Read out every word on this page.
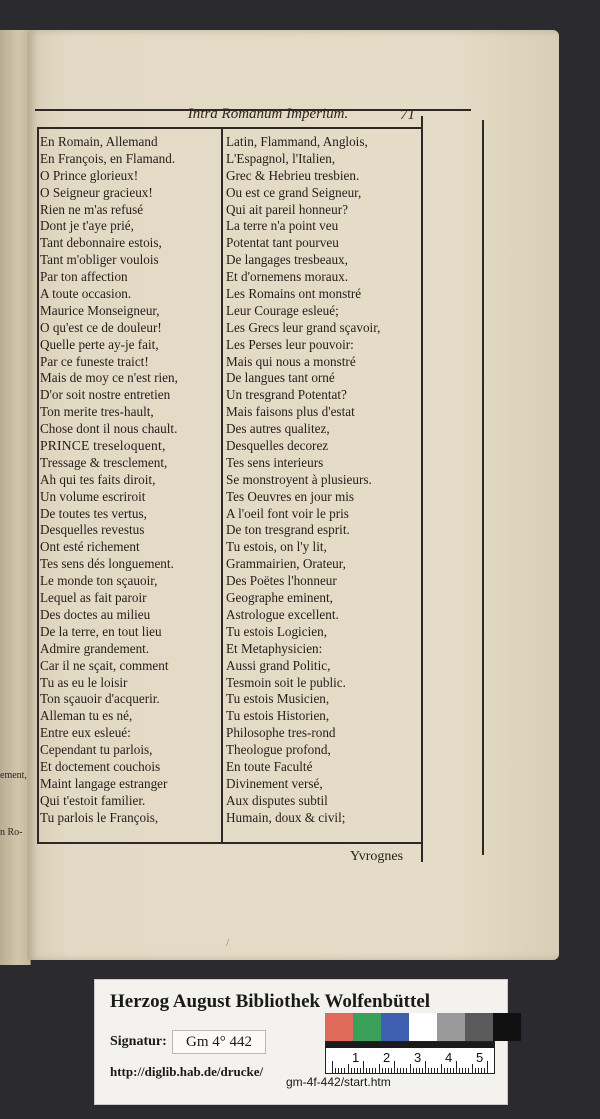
ement,
n Ro-
Intra Romanum Imperium.	71
En Romain, Allemand
En François, en Flamand.
O Prince glorieux!
O Seigneur gracieux!
Rien ne m'as refusé
Dont je t'aye prié,
Tant debonnaire estois,
Tant m'obliger voulois
Par ton affection
A toute occasion.
Maurice Monseigneur,
O qu'est ce de douleur!
Quelle perte ay-je fait,
Par ce funeste traict!
Mais de moy ce n'est rien,
D'or soit nostre entretien
Ton merite tres-hault,
Chose dont il nous chault.
PRINCE treseloquent,
Tressage & tresclement,
Ah qui tes faits diroit,
Un volume escriroit
De toutes tes vertus,
Desquelles revestus
Ont esté richement
Tes sens dés longuement.
Le monde ton sçauoir,
Lequel as fait paroir
Des doctes au milieu
De la terre, en tout lieu
Admire grandement.
Car il ne sçait, comment
Tu as eu le loisir
Ton sçauoir d'acquerir.
Alleman tu es né,
Entre eux esleué:
Cependant tu parlois,
Et doctement couchois
Maint langage estranger
Qui t'estoit familier.
Tu parlois le François,
Latin, Flammand, Anglois,
L'Espagnol, l'Italien,
Grec & Hebrieu tresbien.
Ou est ce grand Seigneur,
Qui ait pareil honneur?
La terre n'a point veu
Potentat tant pourveu
De langages tresbeaux,
Et d'ornemens moraux.
Les Romains ont monstré
Leur Courage esleué;
Les Grecs leur grand sçavoir,
Les Perses leur pouvoir:
Mais qui nous a monstré
De langues tant orné
Un tresgrand Potentat?
Mais faisons plus d'estat
Des autres qualitez,
Desquelles decorez
Tes sens interieurs
Se monstroyent à plusieurs.
Tes Oeuvres en jour mis
A l'oeil font voir le pris
De ton tresgrand esprit.
Tu estois, on l'y lit,
Grammairien, Orateur,
Des Poëtes l'honneur
Geographe eminent,
Astrologue excellent.
Tu estois Logicien,
Et Metaphysicien:
Aussi grand Politic,
Tesmoin soit le public.
Tu estois Musicien,
Tu estois Historien,
Philosophe tres-rond
Theologue profond,
En toute Faculté
Divinement versé,
Aux disputes subtil
Humain, doux & civil;
Yvrognes
/
Herzog August Bibliothek Wolfenbüttel
Signatur:	Gm 4° 442
http://diglib.hab.de/drucke/
gm-4f-442/start.htm
1 2 3 4 5
